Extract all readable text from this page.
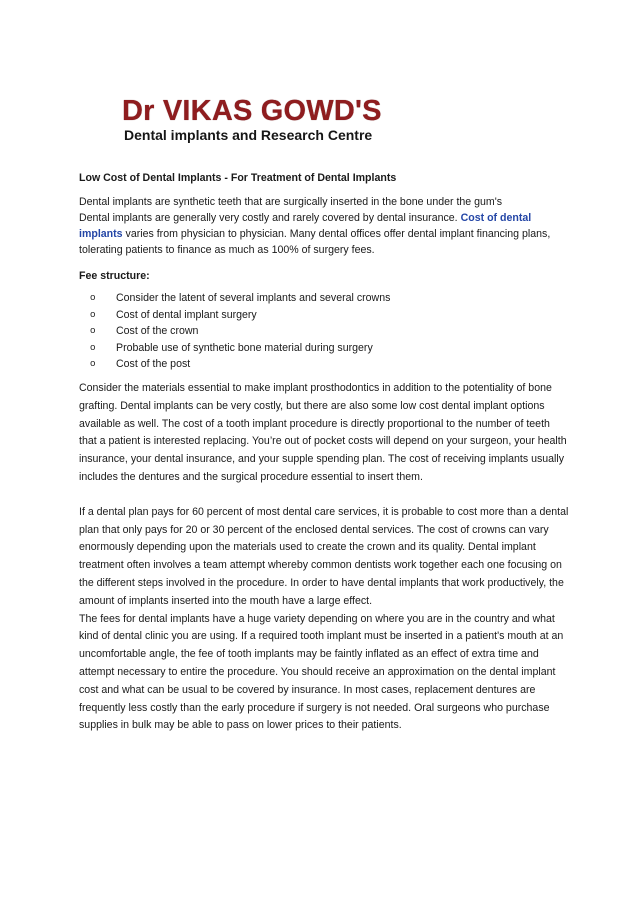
Dr VIKAS GOWD'S
Dental implants and Research Centre
Low Cost of Dental Implants - For Treatment of Dental Implants

Dental implants are synthetic teeth that are surgically inserted in the bone under the gum's
Dental implants are generally very costly and rarely covered by dental insurance. Cost of dental implants varies from physician to physician. Many dental offices offer dental implant financing plans, tolerating patients to finance as much as 100% of surgery fees.

Fee structure:
o Consider the latent of several implants and several crowns
o Cost of dental implant surgery
o Cost of the crown
o Probable use of synthetic bone material during surgery
o Cost of the post

Consider the materials essential to make implant prosthodontics in addition to the potentiality of bone grafting. Dental implants can be very costly, but there are also some low cost dental implant options available as well. The cost of a tooth implant procedure is directly proportional to the number of teeth that a patient is interested replacing. You’re out of pocket costs will depend on your surgeon, your health insurance, your dental insurance, and your supple spending plan. The cost of receiving implants usually includes the dentures and the surgical procedure essential to insert them.

If a dental plan pays for 60 percent of most dental care services, it is probable to cost more than a dental plan that only pays for 20 or 30 percent of the enclosed dental services. The cost of crowns can vary enormously depending upon the materials used to create the crown and its quality. Dental implant treatment often involves a team attempt whereby common dentists work together each one focusing on the different steps involved in the procedure. In order to have dental implants that work productively, the amount of implants inserted into the mouth have a large effect.

The fees for dental implants have a huge variety depending on where you are in the country and what kind of dental clinic you are using. If a required tooth implant must be inserted in a patient's mouth at an uncomfortable angle, the fee of tooth implants may be faintly inflated as an effect of extra time and attempt necessary to entire the procedure. You should receive an approximation on the dental implant cost and what can be usual to be covered by insurance. In most cases, replacement dentures are frequently less costly than the early procedure if surgery is not needed. Oral surgeons who purchase supplies in bulk may be able to pass on lower prices to their patients.
